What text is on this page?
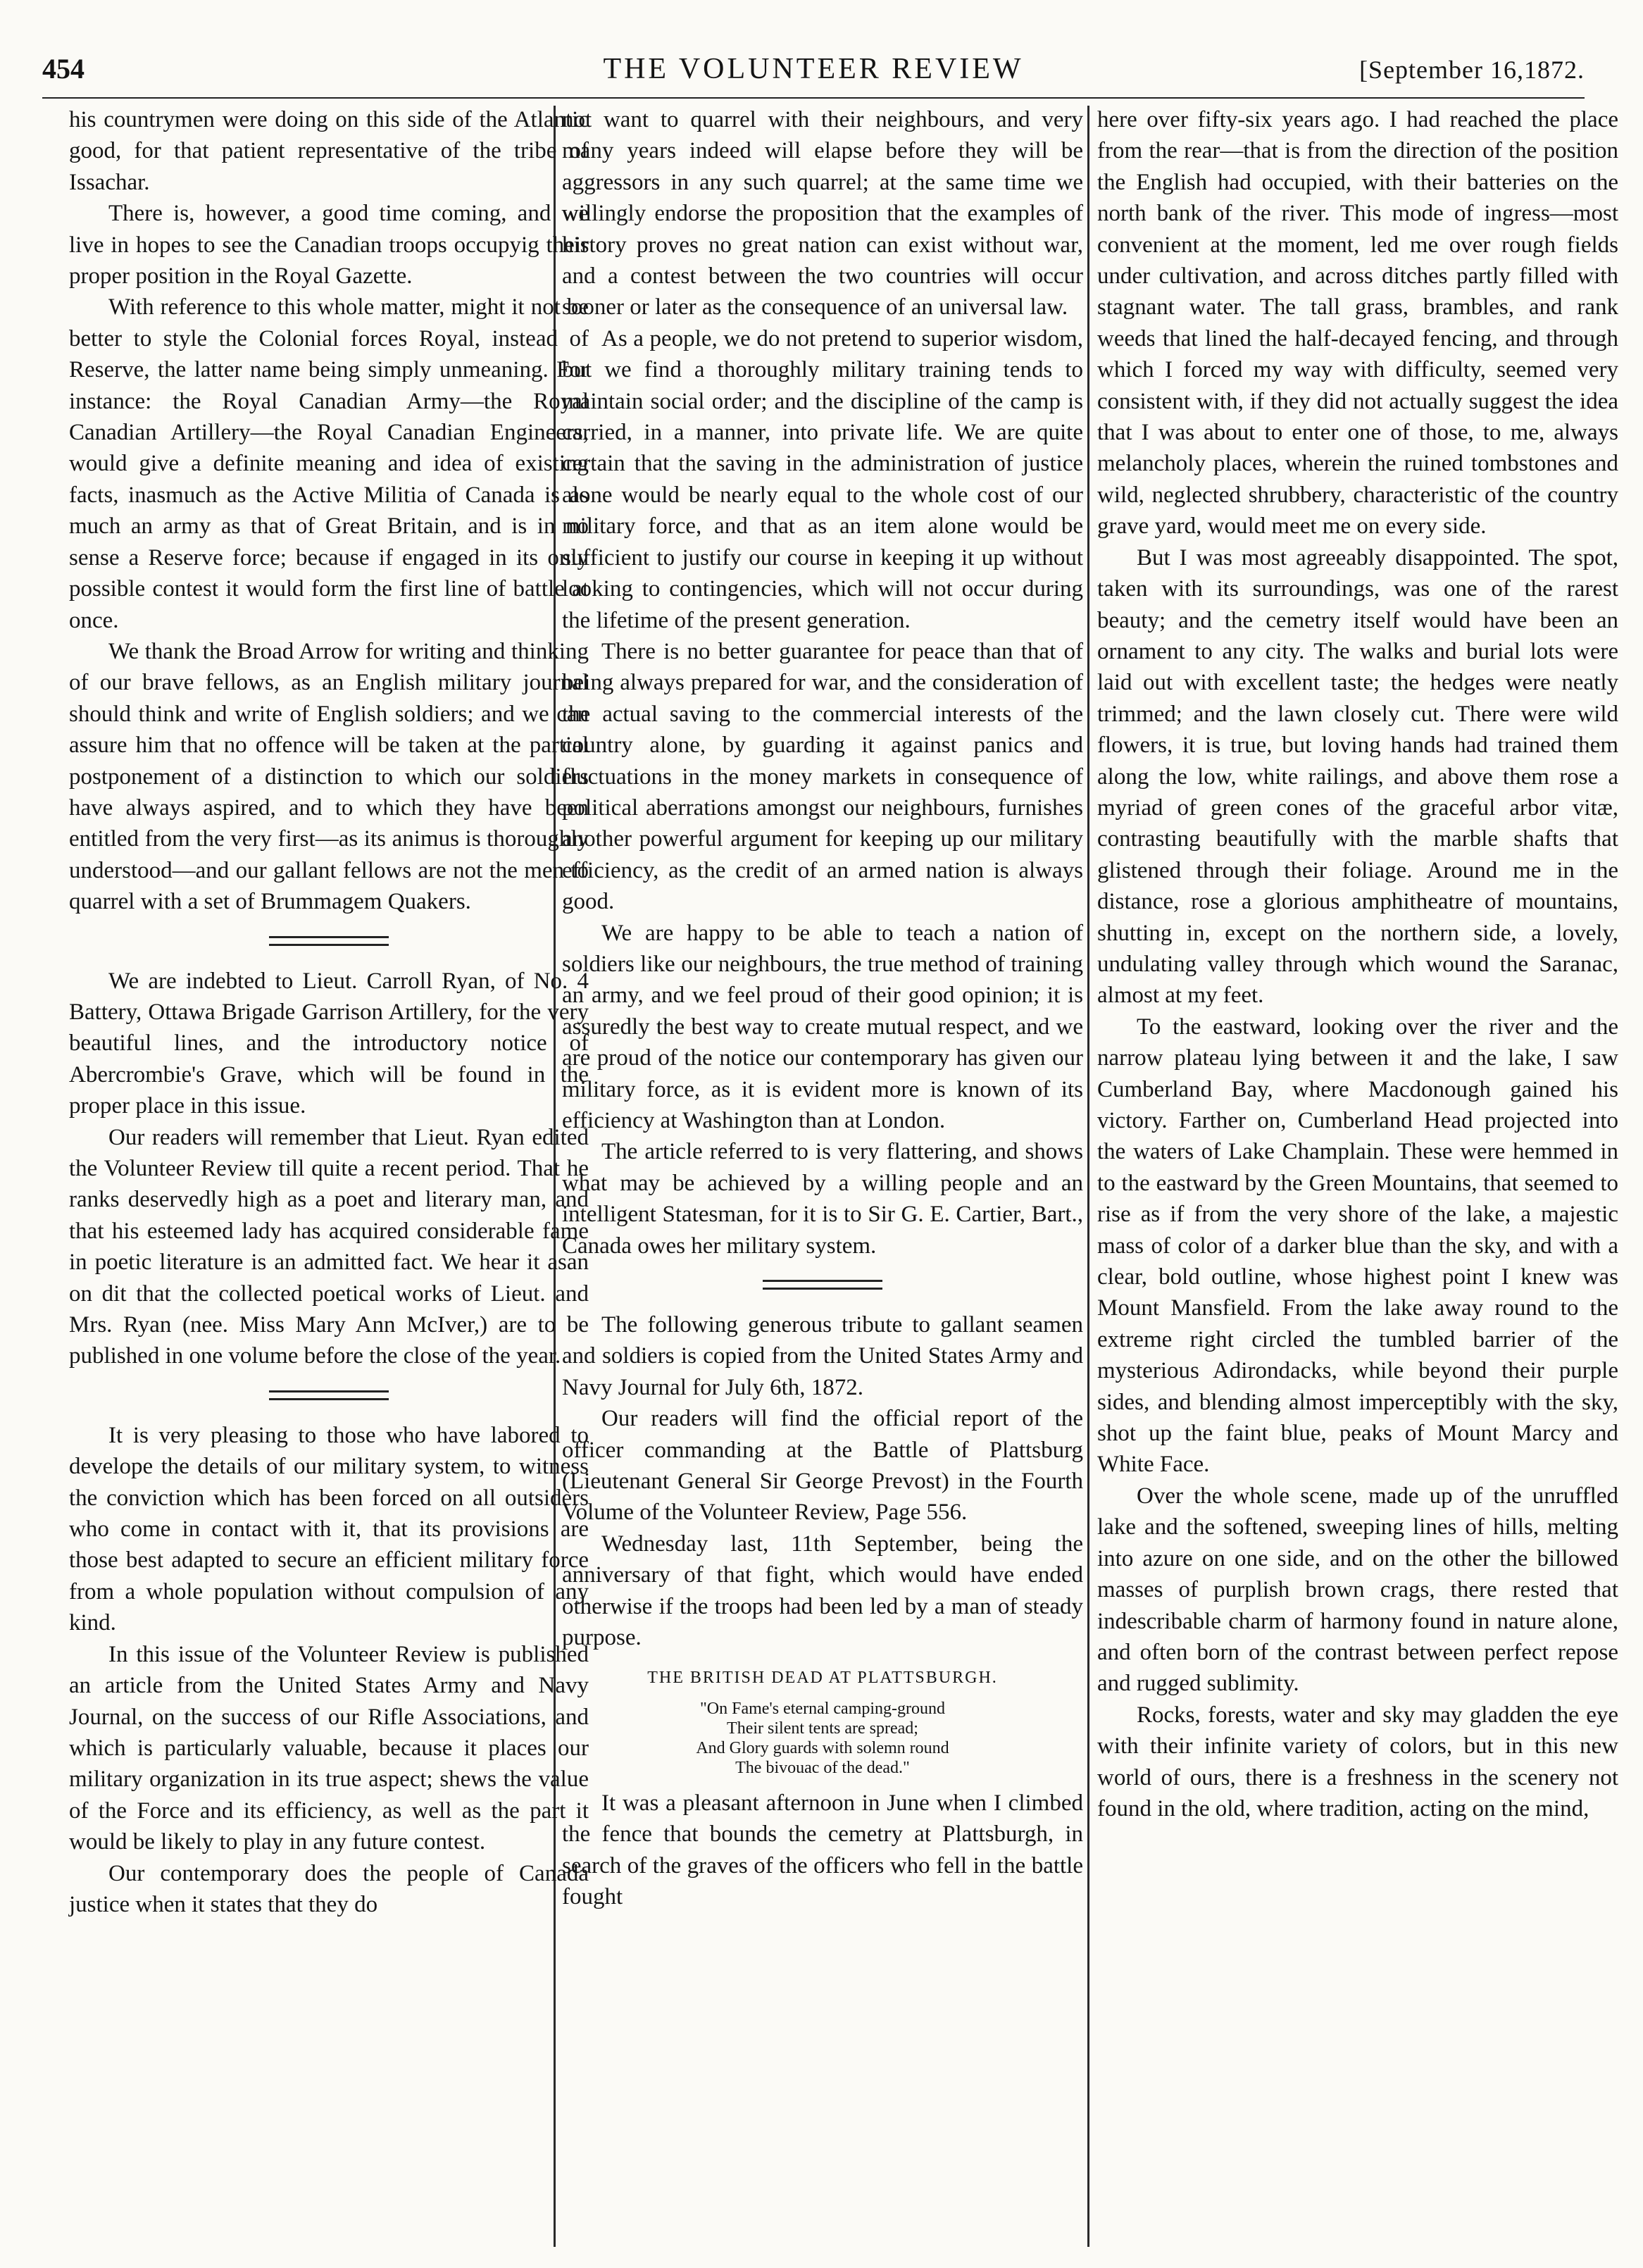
454	THE VOLUNTEER REVIEW	[September 16,1872.

his countrymen were doing on this side of the Atlantic good, for that patient representative of the tribe of Issachar.

There is, however, a good time coming, and we live in hopes to see the Canadian troops occupyig their proper position in the Royal Gazette.

With reference to this whole matter, might it not be better to style the Colonial forces Royal, instead of Reserve, the latter name being simply unmeaning. For instance: the Royal Canadian Army—the Royal Canadian Artillery—the Royal Canadian Engineers, would give a definite meaning and idea of existing facts, inasmuch as the Active Militia of Canada is as much an army as that of Great Britain, and is in no sense a Reserve force; because if engaged in its only possible contest it would form the first line of battle at once.

We thank the Broad Arrow for writing and thinking of our brave fellows, as an English military journal should think and write of English soldiers; and we can assure him that no offence will be taken at the partial postponement of a distinction to which our soldiers have always aspired, and to which they have been entitled from the very first—as its animus is thoroughly understood—and our gallant fellows are not the men to quarrel with a set of Brummagem Quakers.

We are indebted to Lieut. Carroll Ryan, of No. 4 Battery, Ottawa Brigade Garrison Artillery, for the very beautiful lines, and the introductory notice of Abercrombie's Grave, which will be found in the proper place in this issue.

Our readers will remember that Lieut. Ryan edited the Volunteer Review till quite a recent period. That he ranks deservedly high as a poet and literary man, and that his esteemed lady has acquired considerable fame in poetic literature is an admitted fact. We hear it asan on dit that the collected poetical works of Lieut. and Mrs. Ryan (nee. Miss Mary Ann McIver,) are to be published in one volume before the close of the year.

It is very pleasing to those who have labored to develope the details of our military system, to witness the conviction which has been forced on all outsiders who come in contact with it, that its provisions are those best adapted to secure an efficient military force from a whole population without compulsion of any kind.

In this issue of the Volunteer Review is published an article from the United States Army and Navy Journal, on the success of our Rifle Associations, and which is particularly valuable, because it places our military organization in its true aspect; shews the value of the Force and its efficiency, as well as the part it would be likely to play in any future contest.

Our contemporary does the people of Canada justice when it states that they do

not want to quarrel with their neighbours, and very many years indeed will elapse before they will be aggressors in any such quarrel; at the same time we willingly endorse the proposition that the examples of history proves no great nation can exist without war, and a contest between the two countries will occur sooner or later as the consequence of an universal law.

As a people, we do not pretend to superior wisdom, but we find a thoroughly military training tends to maintain social order; and the discipline of the camp is carried, in a manner, into private life. We are quite certain that the saving in the administration of justice alone would be nearly equal to the whole cost of our military force, and that as an item alone would be sufficient to justify our course in keeping it up without looking to contingencies, which will not occur during the lifetime of the present generation.

There is no better guarantee for peace than that of being always prepared for war, and the consideration of the actual saving to the commercial interests of the country alone, by guarding it against panics and fluctuations in the money markets in consequence of political aberrations amongst our neighbours, furnishes another powerful argument for keeping up our military efficiency, as the credit of an armed nation is always good.

We are happy to be able to teach a nation of soldiers like our neighbours, the true method of training an army, and we feel proud of their good opinion; it is assuredly the best way to create mutual respect, and we are proud of the notice our contemporary has given our military force, as it is evident more is known of its efficiency at Washington than at London.

The article referred to is very flattering, and shows what may be achieved by a willing people and an intelligent Statesman, for it is to Sir G. E. Cartier, Bart., Canada owes her military system.

The following generous tribute to gallant seamen and soldiers is copied from the United States Army and Navy Journal for July 6th, 1872.

Our readers will find the official report of the officer commanding at the Battle of Plattsburg (Lieutenant General Sir George Prevost) in the Fourth Volume of the Volunteer Review, Page 556.

Wednesday last, 11th September, being the anniversary of that fight, which would have ended otherwise if the troops had been led by a man of steady purpose.

THE BRITISH DEAD AT PLATTSBURGH.
"On Fame's eternal camping-ground
Their silent tents are spread;
And Glory guards with solemn round
The bivouac of the dead."

It was a pleasant afternoon in June when I climbed the fence that bounds the cemetry at Plattsburgh, in search of the graves of the officers who fell in the battle fought

here over fifty-six years ago. I had reached the place from the rear—that is from the direction of the position the English had occupied, with their batteries on the north bank of the river. This mode of ingress—most convenient at the moment, led me over rough fields under cultivation, and across ditches partly filled with stagnant water. The tall grass, brambles, and rank weeds that lined the half-decayed fencing, and through which I forced my way with difficulty, seemed very consistent with, if they did not actually suggest the idea that I was about to enter one of those, to me, always melancholy places, wherein the ruined tombstones and wild, neglected shrubbery, characteristic of the country grave yard, would meet me on every side.

But I was most agreeably disappointed. The spot, taken with its surroundings, was one of the rarest beauty; and the cemetry itself would have been an ornament to any city. The walks and burial lots were laid out with excellent taste; the hedges were neatly trimmed; and the lawn closely cut. There were wild flowers, it is true, but loving hands had trained them along the low, white railings, and above them rose a myriad of green cones of the graceful arbor vitæ, contrasting beautifully with the marble shafts that glistened through their foliage. Around me in the distance, rose a glorious amphitheatre of mountains, shutting in, except on the northern side, a lovely, undulating valley through which wound the Saranac, almost at my feet.

To the eastward, looking over the river and the narrow plateau lying between it and the lake, I saw Cumberland Bay, where Macdonough gained his victory. Farther on, Cumberland Head projected into the waters of Lake Champlain. These were hemmed in to the eastward by the Green Mountains, that seemed to rise as if from the very shore of the lake, a majestic mass of color of a darker blue than the sky, and with a clear, bold outline, whose highest point I knew was Mount Mansfield. From the lake away round to the extreme right circled the tumbled barrier of the mysterious Adirondacks, while beyond their purple sides, and blending almost imperceptibly with the sky, shot up the faint blue, peaks of Mount Marcy and White Face.

Over the whole scene, made up of the unruffled lake and the softened, sweeping lines of hills, melting into azure on one side, and on the other the billowed masses of purplish brown crags, there rested that indescribable charm of harmony found in nature alone, and often born of the contrast between perfect repose and rugged sublimity.

Rocks, forests, water and sky may gladden the eye with their infinite variety of colors, but in this new world of ours, there is a freshness in the scenery not found in the old, where tradition, acting on the mind,
